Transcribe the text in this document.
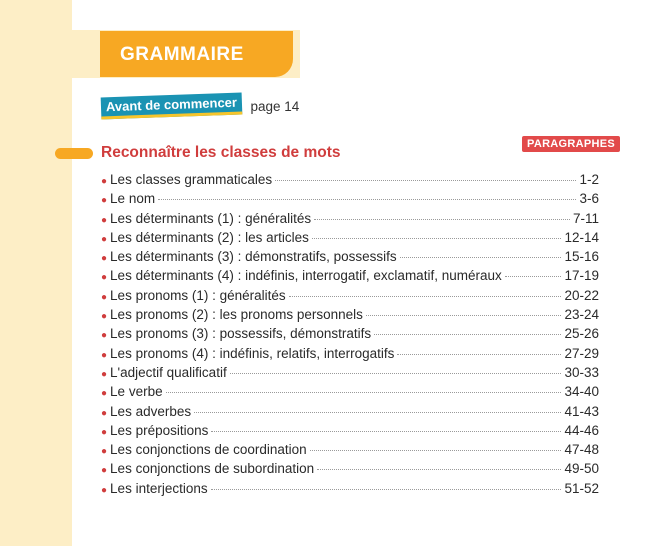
GRAMMAIRE
Avant de commencer page 14
Reconnaître les classes de mots	PARAGRAPHES
● Les classes grammaticales	1-2
● Le nom	3-6
● Les déterminants (1) : généralités	7-11
● Les déterminants (2) : les articles	12-14
● Les déterminants (3) : démonstratifs, possessifs	15-16
● Les déterminants (4) : indéfinis, interrogatif, exclamatif, numéraux	17-19
● Les pronoms (1) : généralités	20-22
● Les pronoms (2) : les pronoms personnels	23-24
● Les pronoms (3) : possessifs, démonstratifs	25-26
● Les pronoms (4) : indéfinis, relatifs, interrogatifs	27-29
● L'adjectif qualificatif	30-33
● Le verbe	34-40
● Les adverbes	41-43
● Les prépositions	44-46
● Les conjonctions de coordination	47-48
● Les conjonctions de subordination	49-50
● Les interjections	51-52
